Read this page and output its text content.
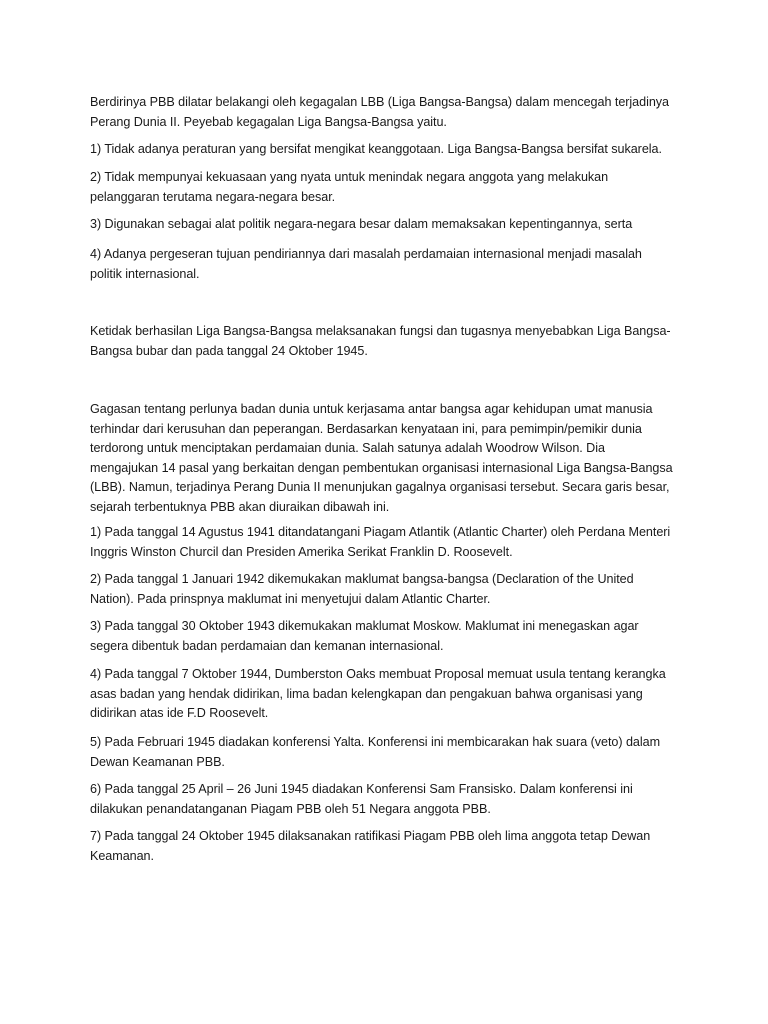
Berdirinya PBB dilatar belakangi oleh kegagalan LBB (Liga Bangsa-Bangsa) dalam mencegah terjadinya
Perang Dunia II. Peyebab kegagalan Liga Bangsa-Bangsa yaitu.

1) Tidak adanya peraturan yang bersifat mengikat keanggotaan. Liga Bangsa-Bangsa bersifat sukarela.

2) Tidak mempunyai kekuasaan yang nyata untuk menindak negara anggota yang melakukan
pelanggaran terutama negara-negara besar.

3) Digunakan sebagai alat politik negara-negara besar dalam memaksakan kepentingannya, serta

4) Adanya pergeseran tujuan pendiriannya dari masalah perdamaian internasional menjadi masalah
politik internasional.

Ketidak berhasilan Liga Bangsa-Bangsa melaksanakan fungsi dan tugasnya menyebabkan Liga Bangsa-
Bangsa bubar dan pada tanggal 24 Oktober 1945.

Gagasan tentang perlunya badan dunia untuk kerjasama antar bangsa agar kehidupan umat manusia
terhindar dari kerusuhan dan peperangan. Berdasarkan kenyataan ini, para pemimpin/pemikir dunia
terdorong untuk menciptakan perdamaian dunia. Salah satunya adalah Woodrow Wilson. Dia
mengajukan 14 pasal yang berkaitan dengan pembentukan organisasi internasional Liga Bangsa-Bangsa
(LBB). Namun, terjadinya Perang Dunia II menunjukan gagalnya organisasi tersebut. Secara garis besar,
sejarah terbentuknya PBB akan diuraikan dibawah ini.

1) Pada tanggal 14 Agustus 1941 ditandatangani Piagam Atlantik (Atlantic Charter) oleh Perdana Menteri
Inggris Winston Churcil dan Presiden Amerika Serikat Franklin D. Roosevelt.

2) Pada tanggal 1 Januari 1942 dikemukakan maklumat bangsa-bangsa (Declaration of the United
Nation). Pada prinspnya maklumat ini menyetujui dalam Atlantic Charter.

3) Pada tanggal 30 Oktober 1943 dikemukakan maklumat Moskow. Maklumat ini menegaskan agar
segera dibentuk badan perdamaian dan kemanan internasional.

4) Pada tanggal 7 Oktober 1944, Dumberston Oaks membuat Proposal memuat usula tentang kerangka
asas badan yang hendak didirikan, lima badan kelengkapan dan pengakuan bahwa organisasi yang
didirikan atas ide F.D Roosevelt.

5) Pada Februari 1945 diadakan konferensi Yalta. Konferensi ini membicarakan hak suara (veto) dalam
Dewan Keamanan PBB.

6) Pada tanggal 25 April – 26 Juni 1945 diadakan Konferensi Sam Fransisko. Dalam konferensi ini
dilakukan penandatanganan Piagam PBB oleh 51 Negara anggota PBB.

7) Pada tanggal 24 Oktober 1945 dilaksanakan ratifikasi Piagam PBB oleh lima anggota tetap Dewan
Keamanan.
